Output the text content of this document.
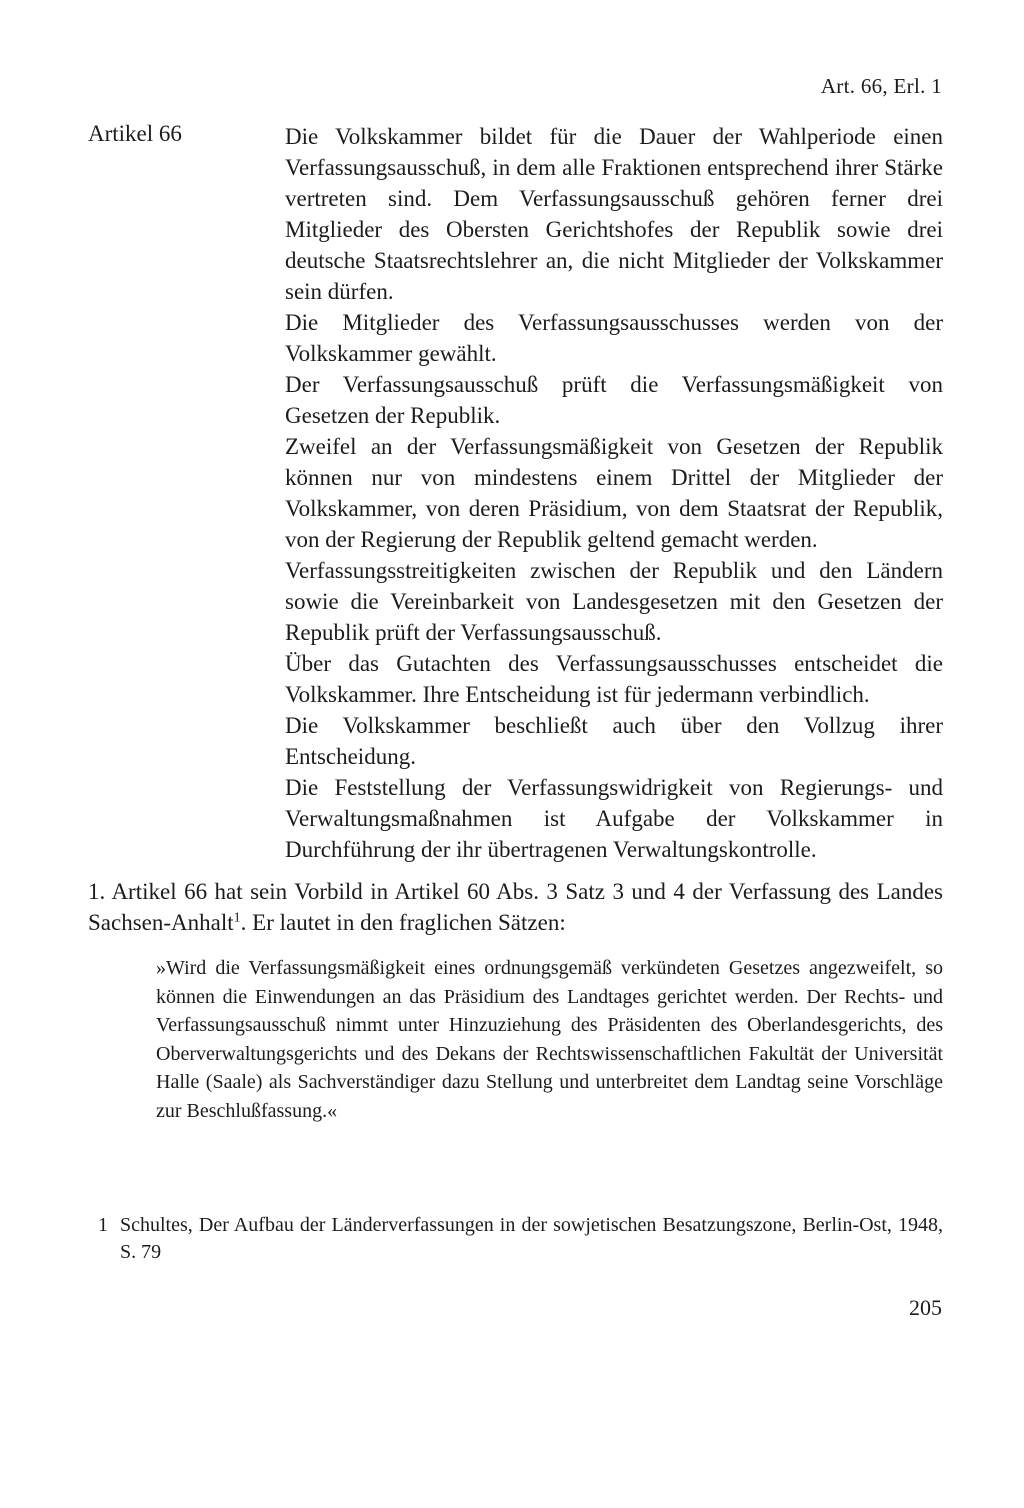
Art. 66, Erl. 1
Artikel 66	Die Volkskammer bildet für die Dauer der Wahlperiode einen Verfassungsausschuß, in dem alle Fraktionen entsprechend ihrer Stärke vertreten sind. Dem Verfassungsausschuß gehören ferner drei Mitglieder des Obersten Gerichtshofes der Republik sowie drei deutsche Staatsrechtslehrer an, die nicht Mitglieder der Volkskammer sein dürfen.

Die Mitglieder des Verfassungsausschusses werden von der Volkskammer gewählt.

Der Verfassungsausschuß prüft die Verfassungsmäßigkeit von Gesetzen der Republik.

Zweifel an der Verfassungsmäßigkeit von Gesetzen der Republik können nur von mindestens einem Drittel der Mitglieder der Volkskammer, von deren Präsidium, von dem Staatsrat der Republik, von der Regierung der Republik geltend gemacht werden.

Verfassungsstreitigkeiten zwischen der Republik und den Ländern sowie die Vereinbarkeit von Landesgesetzen mit den Gesetzen der Republik prüft der Verfassungsausschuß.

Über das Gutachten des Verfassungsausschusses entscheidet die Volkskammer. Ihre Entscheidung ist für jedermann verbindlich.

Die Volkskammer beschließt auch über den Vollzug ihrer Entscheidung.

Die Feststellung der Verfassungswidrigkeit von Regierungs- und Verwaltungsmaßnahmen ist Aufgabe der Volkskammer in Durchführung der ihr übertragenen Verwaltungskontrolle.

1. Artikel 66 hat sein Vorbild in Artikel 60 Abs. 3 Satz 3 und 4 der Verfassung des Landes Sachsen-Anhalt$^1$. Er lautet in den fraglichen Sätzen:

»Wird die Verfassungsmäßigkeit eines ordnungsgemäß verkündeten Gesetzes angezweifelt, so können die Einwendungen an das Präsidium des Landtages gerichtet werden. Der Rechts- und Verfassungsausschuß nimmt unter Hinzuziehung des Präsidenten des Oberlandesgerichts, des Oberverwaltungsgerichts und des Dekans der Rechtswissenschaftlichen Fakultät der Universität Halle (Saale) als Sachverständiger dazu Stellung und unterbreitet dem Landtag seine Vorschläge zur Beschlußfassung.«

1 Schultes, Der Aufbau der Länderverfassungen in der sowjetischen Besatzungszone, Berlin-Ost, 1948, S. 79
205
